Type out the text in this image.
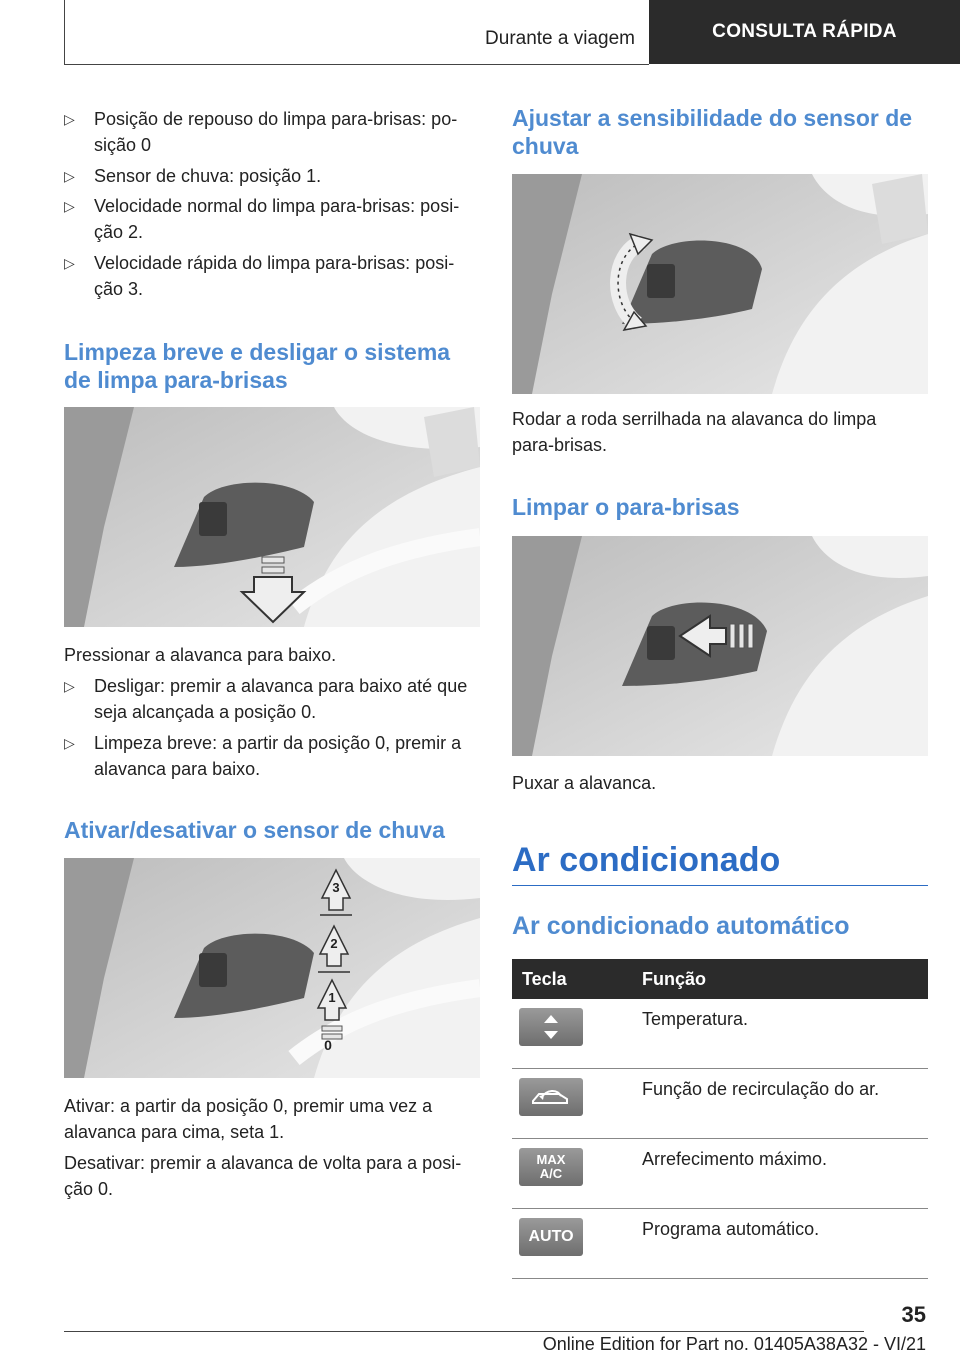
Durante a viagem	CONSULTA RÁPIDA
▷ Posição de repouso do limpa para-brisas: po-
sição 0
▷ Sensor de chuva: posição 1.
▷ Velocidade normal do limpa para-brisas: posi-
ção 2.
▷ Velocidade rápida do limpa para-brisas: posi-
ção 3.
Limpeza breve e desligar o sistema
de limpa para-brisas
Pressionar a alavanca para baixo.
▷ Desligar: premir a alavanca para baixo até que
seja alcançada a posição 0.
▷ Limpeza breve: a partir da posição 0, premir a
alavanca para baixo.
Ativar/desativar o sensor de chuva
3
2
1
0
Ativar: a partir da posição 0, premir uma vez a
alavanca para cima, seta 1.
Desativar: premir a alavanca de volta para a posi-
ção 0.
Ajustar a sensibilidade do sensor de
chuva
Rodar a roda serrilhada na alavanca do limpa
para-brisas.
Limpar o para-brisas
Puxar a alavanca.
Ar condicionado
Ar condicionado automático
Tecla	Função

	Temperatura.

	Função de recirculação do ar.

MAX
A/C	Arrefecimento máximo.

AUTO	Programa automático.
35
Online Edition for Part no. 01405A38A32 - VI/21
